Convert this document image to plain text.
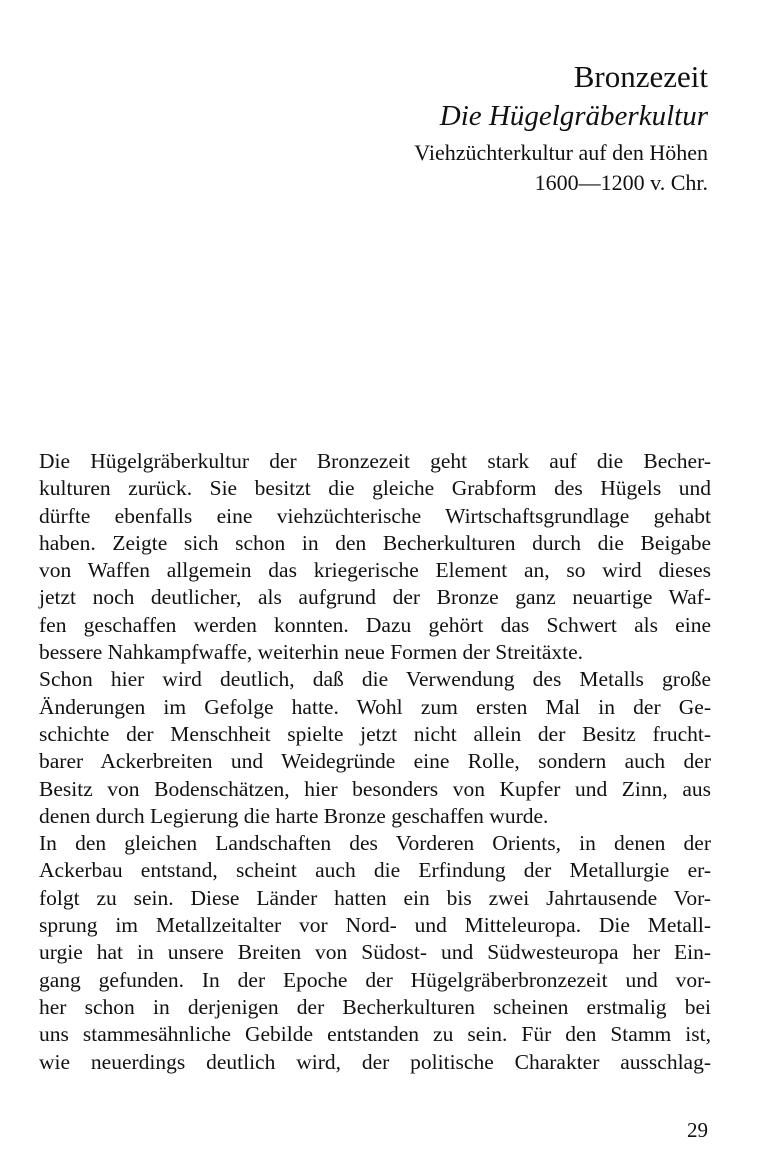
Bronzezeit
Die Hügelgräberkultur
Viehzüchterkultur auf den Höhen
1600—1200 v. Chr.
Die Hügelgräberkultur der Bronzezeit geht stark auf die Becher-
kulturen zurück. Sie besitzt die gleiche Grabform des Hügels und
dürfte ebenfalls eine viehzüchterische Wirtschaftsgrundlage gehabt
haben. Zeigte sich schon in den Becherkulturen durch die Beigabe
von Waffen allgemein das kriegerische Element an, so wird dieses
jetzt noch deutlicher, als aufgrund der Bronze ganz neuartige Waf-
fen geschaffen werden konnten. Dazu gehört das Schwert als eine
bessere Nahkampfwaffe, weiterhin neue Formen der Streitäxte.
Schon hier wird deutlich, daß die Verwendung des Metalls große
Änderungen im Gefolge hatte. Wohl zum ersten Mal in der Ge-
schichte der Menschheit spielte jetzt nicht allein der Besitz frucht-
barer Ackerbreiten und Weidegründe eine Rolle, sondern auch der
Besitz von Bodenschätzen, hier besonders von Kupfer und Zinn, aus
denen durch Legierung die harte Bronze geschaffen wurde.
In den gleichen Landschaften des Vorderen Orients, in denen der
Ackerbau entstand, scheint auch die Erfindung der Metallurgie er-
folgt zu sein. Diese Länder hatten ein bis zwei Jahrtausende Vor-
sprung im Metallzeitalter vor Nord- und Mitteleuropa. Die Metall-
urgie hat in unsere Breiten von Südost- und Südwesteuropa her Ein-
gang gefunden. In der Epoche der Hügelgräberbronzezeit und vor-
her schon in derjenigen der Becherkulturen scheinen erstmalig bei
uns stammesähnliche Gebilde entstanden zu sein. Für den Stamm ist,
wie neuerdings deutlich wird, der politische Charakter ausschlag-
29
